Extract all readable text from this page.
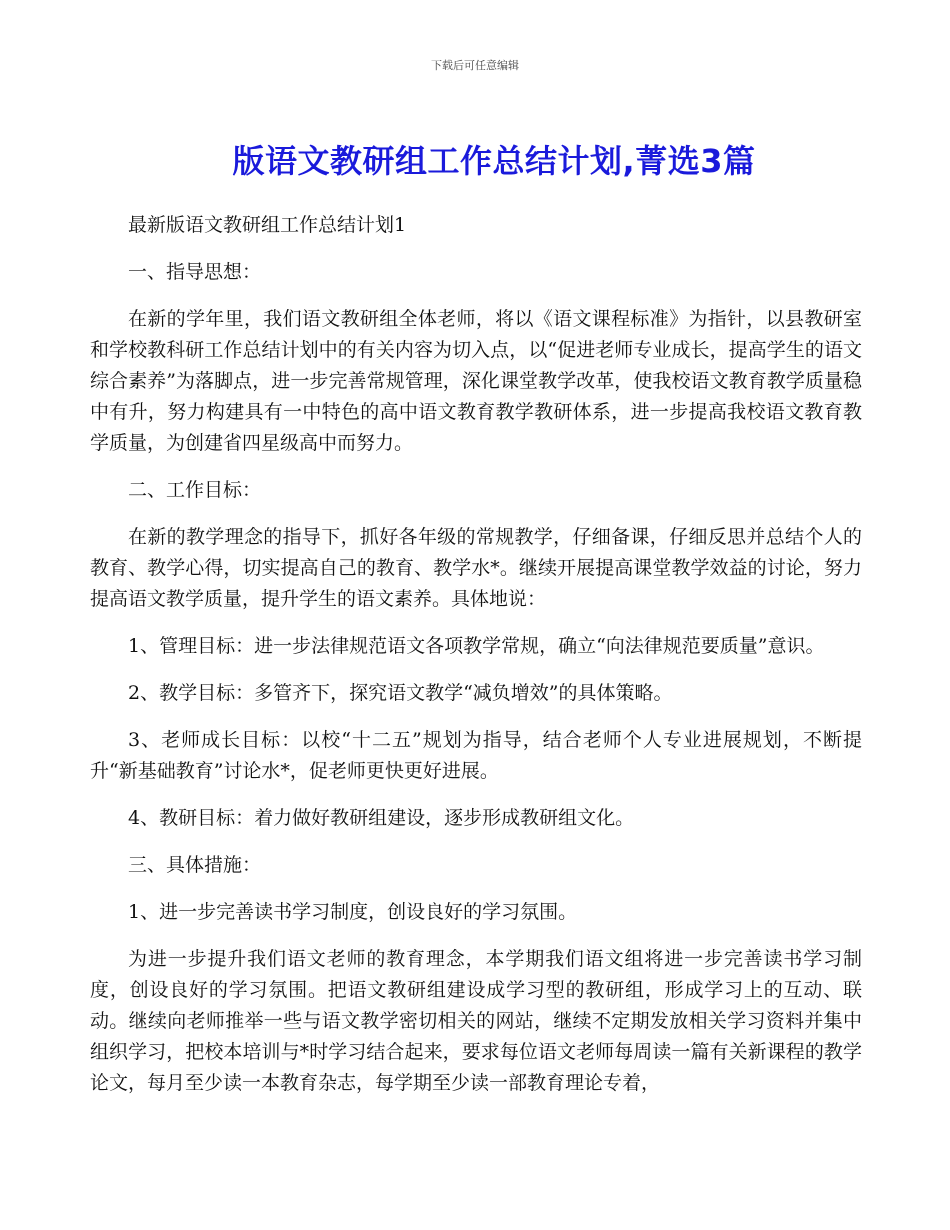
下载后可任意编辑
版语文教研组工作总结计划,菁选3篇

最新版语文教研组工作总结计划1

一、指导思想：

在新的学年里，我们语文教研组全体老师，将以《语文课程标准》为指针，以县教研室和学校教科研工作总结计划中的有关内容为切入点，以“促进老师专业成长，提高学生的语文综合素养”为落脚点，进一步完善常规管理，深化课堂教学改革，使我校语文教育教学质量稳中有升，努力构建具有一中特色的高中语文教育教学教研体系，进一步提高我校语文教育教学质量，为创建省四星级高中而努力。

二、工作目标：

在新的教学理念的指导下，抓好各年级的常规教学，仔细备课，仔细反思并总结个人的教育、教学心得，切实提高自己的教育、教学水*。继续开展提高课堂教学效益的讨论，努力提高语文教学质量，提升学生的语文素养。具体地说：

1、管理目标：进一步法律规范语文各项教学常规，确立“向法律规范要质量”意识。

2、教学目标：多管齐下，探究语文教学“减负增效”的具体策略。

3、老师成长目标：以校“十二五”规划为指导，结合老师个人专业进展规划，不断提升“新基础教育”讨论水*，促老师更快更好进展。

4、教研目标：着力做好教研组建设，逐步形成教研组文化。

三、具体措施：

1、进一步完善读书学习制度，创设良好的学习氛围。

为进一步提升我们语文老师的教育理念，本学期我们语文组将进一步完善读书学习制度，创设良好的学习氛围。把语文教研组建设成学习型的教研组，形成学习上的互动、联动。继续向老师推举一些与语文教学密切相关的网站，继续不定期发放相关学习资料并集中组织学习，把校本培训与*时学习结合起来，要求每位语文老师每周读一篇有关新课程的教学论文，每月至少读一本教育杂志，每学期至少读一部教育理论专着，
